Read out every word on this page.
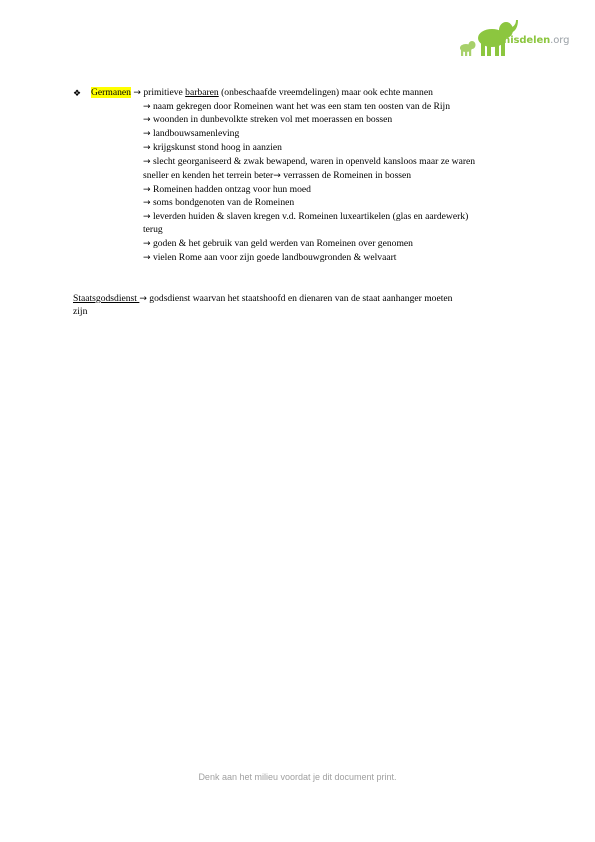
Kennisdelen.org
❖ Germanen → primitieve barbaren (onbeschaafde vreemdelingen) maar ook echte mannen
→ naam gekregen door Romeinen want het was een stam ten oosten van de Rijn
→ woonden in dunbevolkte streken vol met moerassen en bossen
→ landbouwsamenleving
→ krijgskunst stond hoog in aanzien
→ slecht georganiseerd & zwak bewapend, waren in openveld kansloos maar ze waren
sneller en kenden het terrein beter→ verrassen de Romeinen in bossen
→ Romeinen hadden ontzag voor hun moed
→ soms bondgenoten van de Romeinen
→ leverden huiden & slaven kregen v.d. Romeinen luxeartikelen (glas en aardewerk)
terug
→ goden & het gebruik van geld werden van Romeinen over genomen
→ vielen Rome aan voor zijn goede landbouwgronden & welvaart
Staatsgodsdienst → godsdienst waarvan het staatshoofd en dienaren van de staat aanhanger moeten
zijn
Denk aan het milieu voordat je dit document print.
